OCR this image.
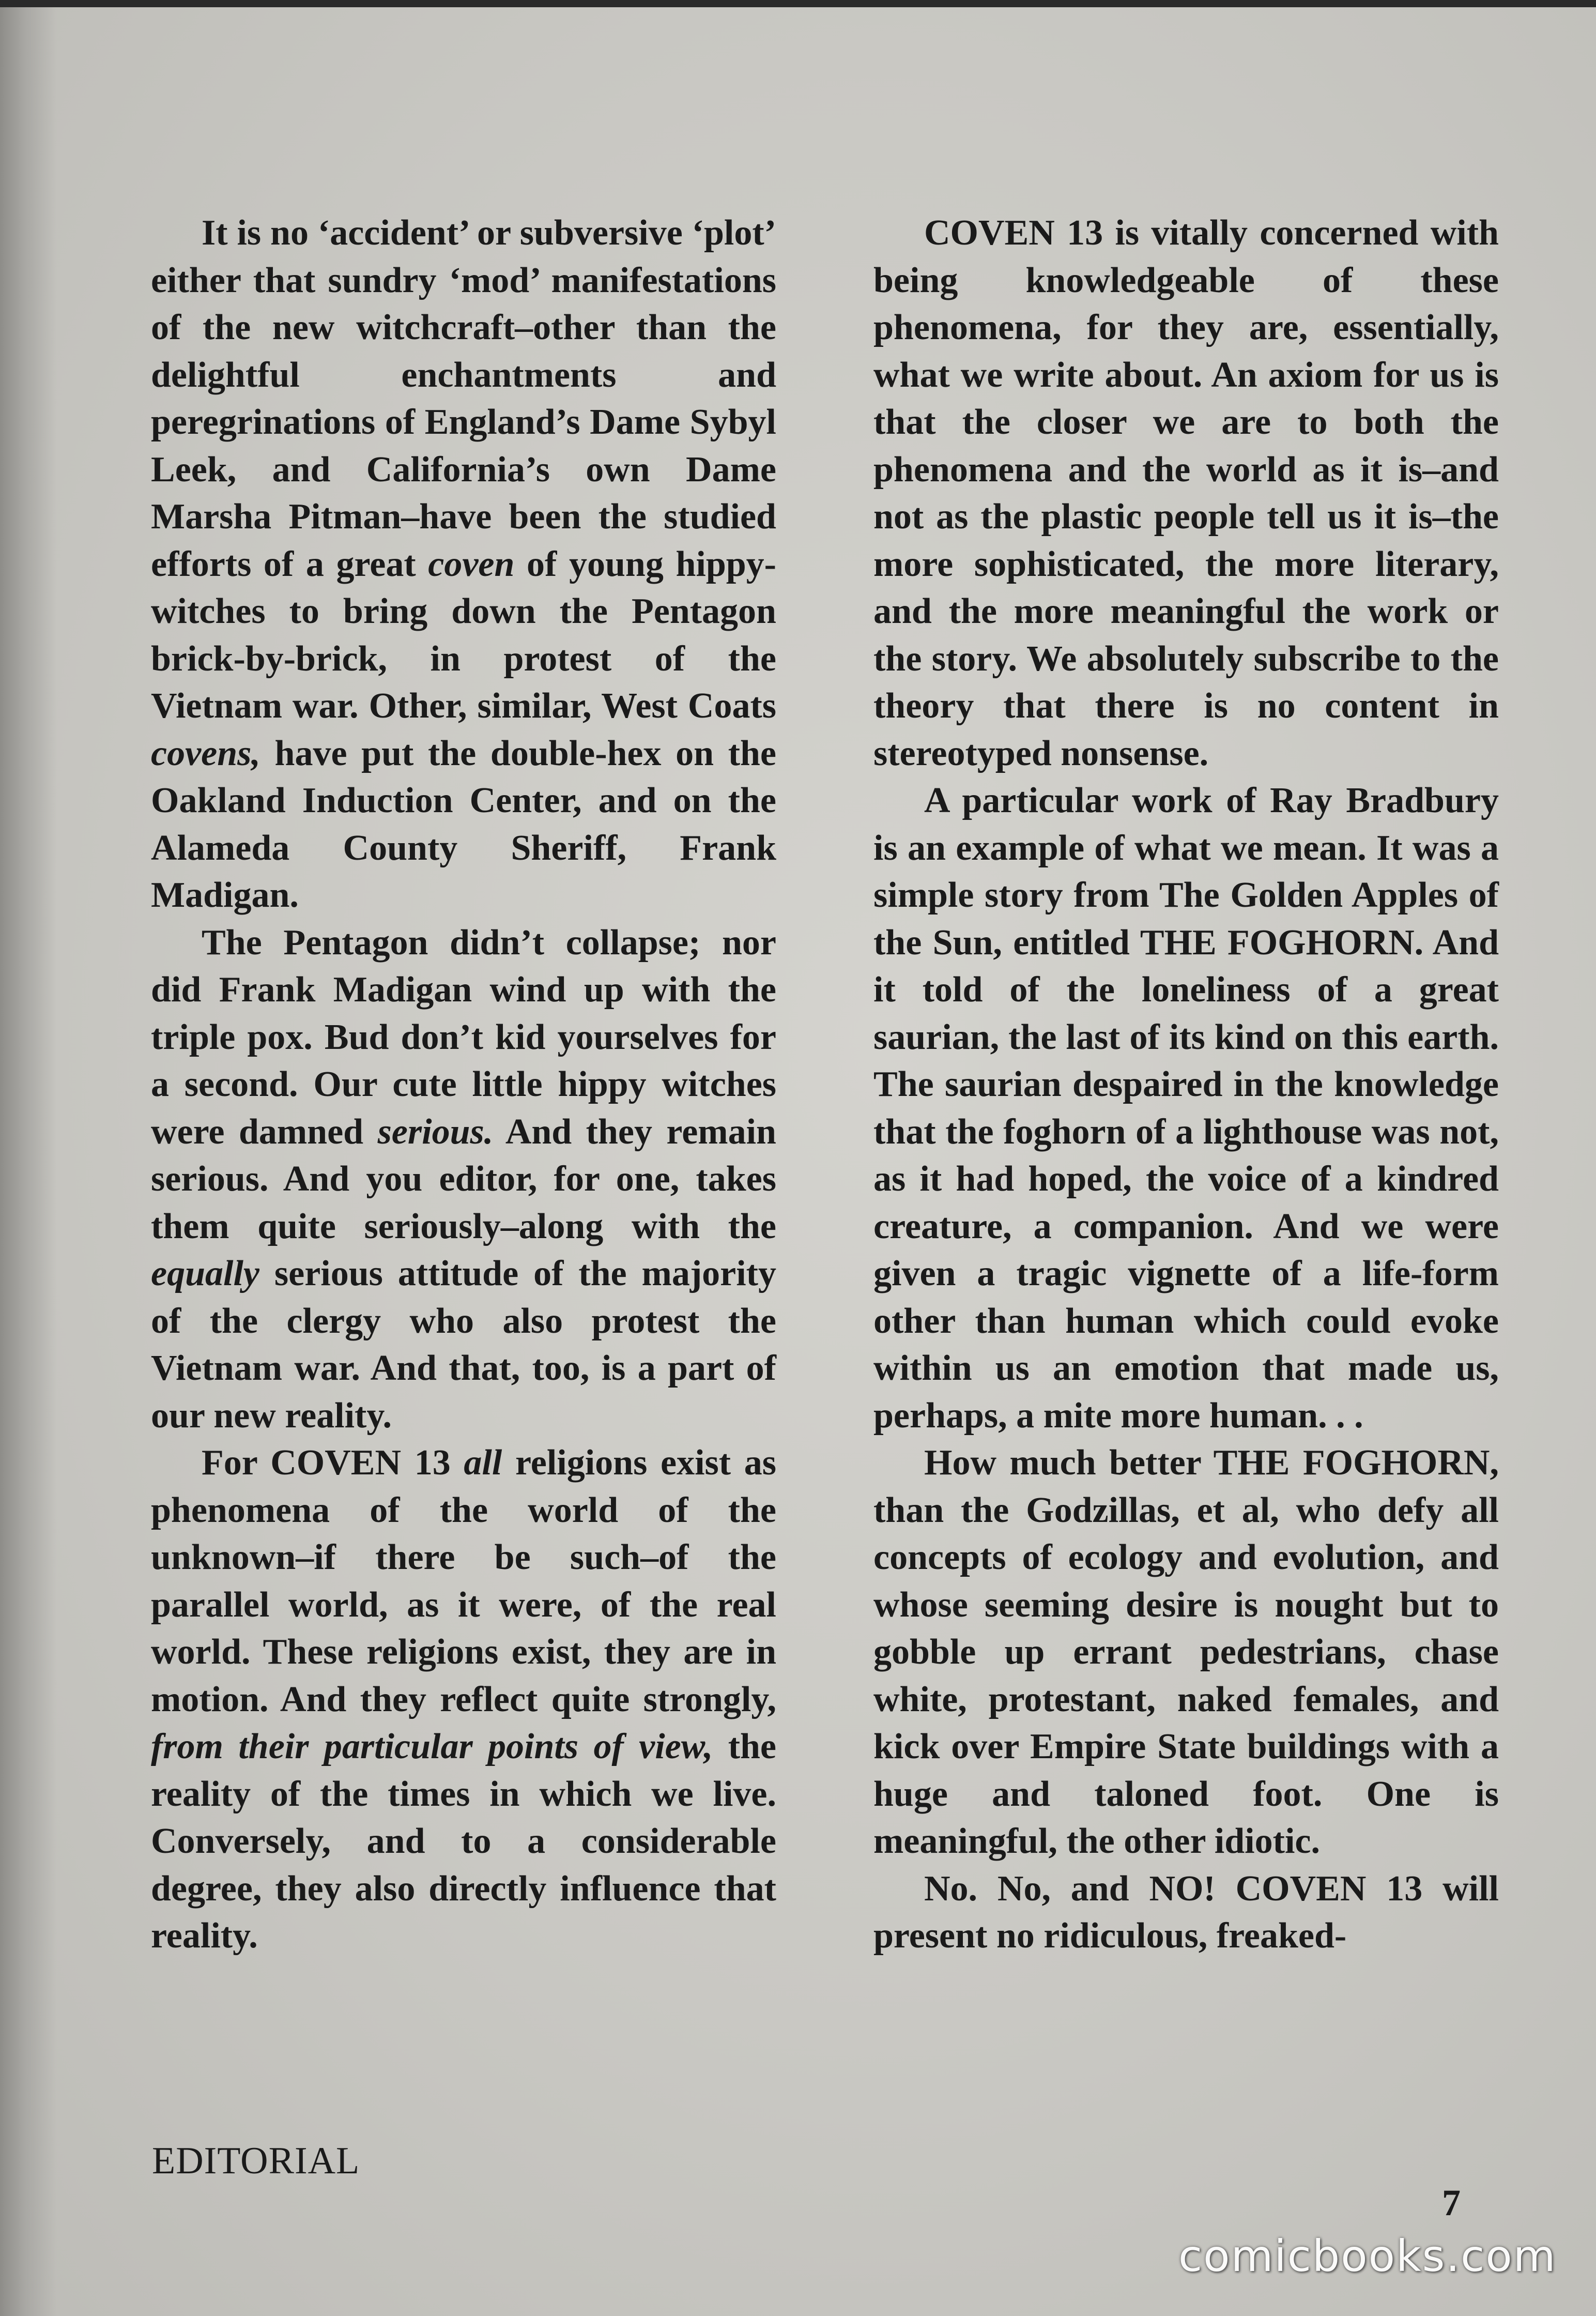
It is no ‘accident’ or subversive ‘plot’ either that sundry ‘mod’ manifestations of the new witchcraft–other than the delightful enchantments and peregrinations of England’s Dame Sybyl Leek, and California’s own Dame Marsha Pitman–have been the studied efforts of a great coven of young hippy-witches to bring down the Pentagon brick-by-brick, in protest of the Vietnam war. Other, similar, West Coats covens, have put the double-hex on the Oakland Induction Center, and on the Alameda County Sheriff, Frank Madigan.

The Pentagon didn’t collapse; nor did Frank Madigan wind up with the triple pox. Bud don’t kid yourselves for a second. Our cute little hippy witches were damned serious. And they remain serious. And you editor, for one, takes them quite seriously–along with the equally serious attitude of the majority of the clergy who also protest the Vietnam war. And that, too, is a part of our new reality.

For COVEN 13 all religions exist as phenomena of the world of the unknown–if there be such–of the parallel world, as it were, of the real world. These religions exist, they are in motion. And they reflect quite strongly, from their particular points of view, the reality of the times in which we live. Conversely, and to a considerable degree, they also directly influence that reality.

COVEN 13 is vitally concerned with being knowledgeable of these phenomena, for they are, essentially, what we write about. An axiom for us is that the closer we are to both the phenomena and the world as it is–and not as the plastic people tell us it is–the more sophisticated, the more literary, and the more meaningful the work or the story. We absolutely subscribe to the theory that there is no content in stereotyped nonsense.

A particular work of Ray Bradbury is an example of what we mean. It was a simple story from The Golden Apples of the Sun, entitled THE FOGHORN. And it told of the loneliness of a great saurian, the last of its kind on this earth. The saurian despaired in the knowledge that the foghorn of a lighthouse was not, as it had hoped, the voice of a kindred creature, a companion. And we were given a tragic vignette of a life-form other than human which could evoke within us an emotion that made us, perhaps, a mite more human. . .

How much better THE FOGHORN, than the Godzillas, et al, who defy all concepts of ecology and evolution, and whose seeming desire is nought but to gobble up errant pedestrians, chase white, protestant, naked females, and kick over Empire State buildings with a huge and taloned foot. One is meaningful, the other idiotic.

No. No, and NO! COVEN 13 will present no ridiculous, freaked-

EDITORIAL
7
comicbooks.com
